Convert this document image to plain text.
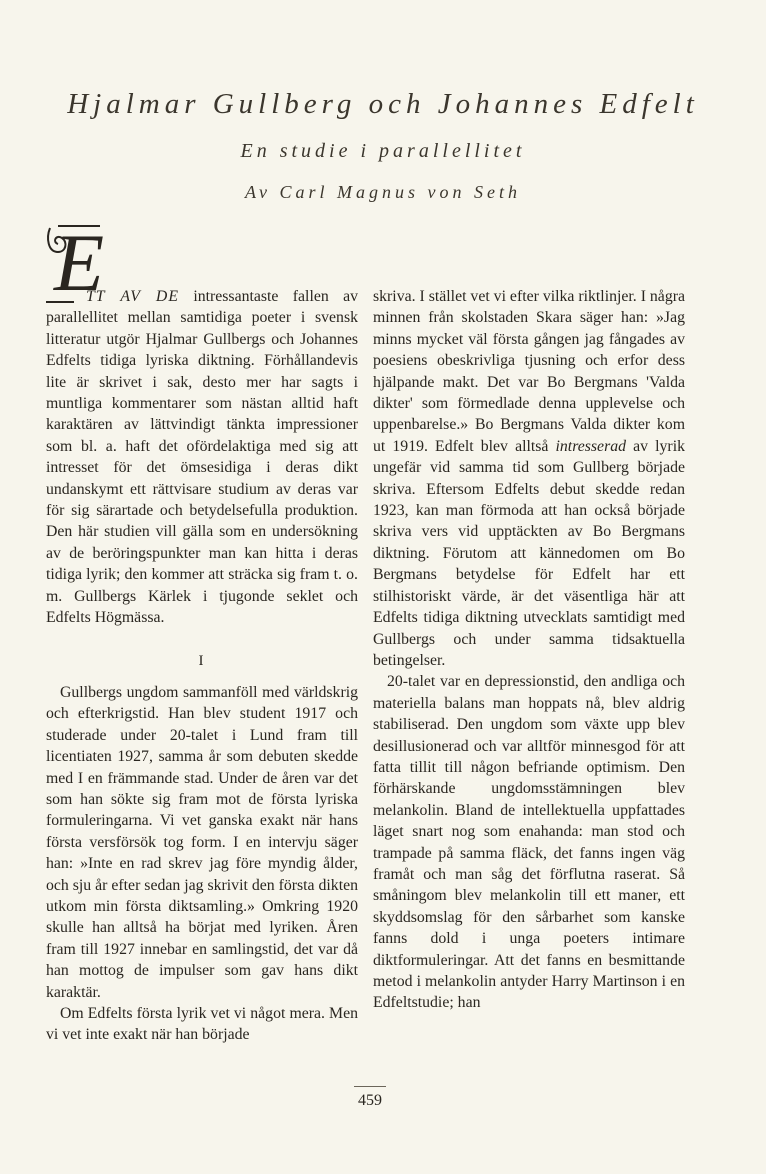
Hjalmar Gullberg och Johannes Edfelt
En studie i parallellitet
Av Carl Magnus von Seth
E

TT AV DE intressantaste fallen av parallellitet mellan samtidiga poeter i svensk litteratur utgör Hjalmar Gullbergs och Johannes Edfelts tidiga lyriska diktning. Förhållandevis lite är skrivet i sak, desto mer har sagts i muntliga kommentarer som nästan alltid haft karaktären av lättvindigt tänkta impressioner som bl. a. haft det ofördelaktiga med sig att intresset för det ömsesidiga i deras dikt undanskymt ett rättvisare studium av deras var för sig särartade och betydelsefulla produktion. Den här studien vill gälla som en undersökning av de beröringspunkter man kan hitta i deras tidiga lyrik; den kommer att sträcka sig fram t. o. m. Gullbergs Kärlek i tjugonde seklet och Edfelts Högmässa.

I

Gullbergs ungdom sammanföll med världskrig och efterkrigstid. Han blev student 1917 och studerade under 20-talet i Lund fram till licentiaten 1927, samma år som debuten skedde med I en främmande stad. Under de åren var det som han sökte sig fram mot de första lyriska formuleringarna. Vi vet ganska exakt när hans första versförsök tog form. I en intervju säger han: »Inte en rad skrev jag före myndig ålder, och sju år efter sedan jag skrivit den första dikten utkom min första diktsamling.» Omkring 1920 skulle han alltså ha börjat med lyriken. Åren fram till 1927 innebar en samlingstid, det var då han mottog de impulser som gav hans dikt karaktär.

Om Edfelts första lyrik vet vi något mera. Men vi vet inte exakt när han började

skriva. I stället vet vi efter vilka riktlinjer. I några minnen från skolstaden Skara säger han: »Jag minns mycket väl första gången jag fångades av poesiens obeskrivliga tjusning och erfor dess hjälpande makt. Det var Bo Bergmans 'Valda dikter' som förmedlade denna upplevelse och uppenbarelse.» Bo Bergmans Valda dikter kom ut 1919. Edfelt blev alltså intresserad av lyrik ungefär vid samma tid som Gullberg började skriva. Eftersom Edfelts debut skedde redan 1923, kan man förmoda att han också började skriva vers vid upptäckten av Bo Bergmans diktning. Förutom att kännedomen om Bo Bergmans betydelse för Edfelt har ett stilhistoriskt värde, är det väsentliga här att Edfelts tidiga diktning utvecklats samtidigt med Gullbergs och under samma tidsaktuella betingelser.

20-talet var en depressionstid, den andliga och materiella balans man hoppats nå, blev aldrig stabiliserad. Den ungdom som växte upp blev desillusionerad och var alltför minnesgod för att fatta tillit till någon befriande optimism. Den förhärskande ungdomsstämningen blev melankolin. Bland de intellektuella uppfattades läget snart nog som enahanda: man stod och trampade på samma fläck, det fanns ingen väg framåt och man såg det förflutna raserat. Så småningom blev melankolin till ett maner, ett skyddsomslag för den sårbarhet som kanske fanns dold i unga poeters intimare diktformuleringar. Att det fanns en besmittande metod i melankolin antyder Harry Martinson i en Edfeltstudie; han

459
